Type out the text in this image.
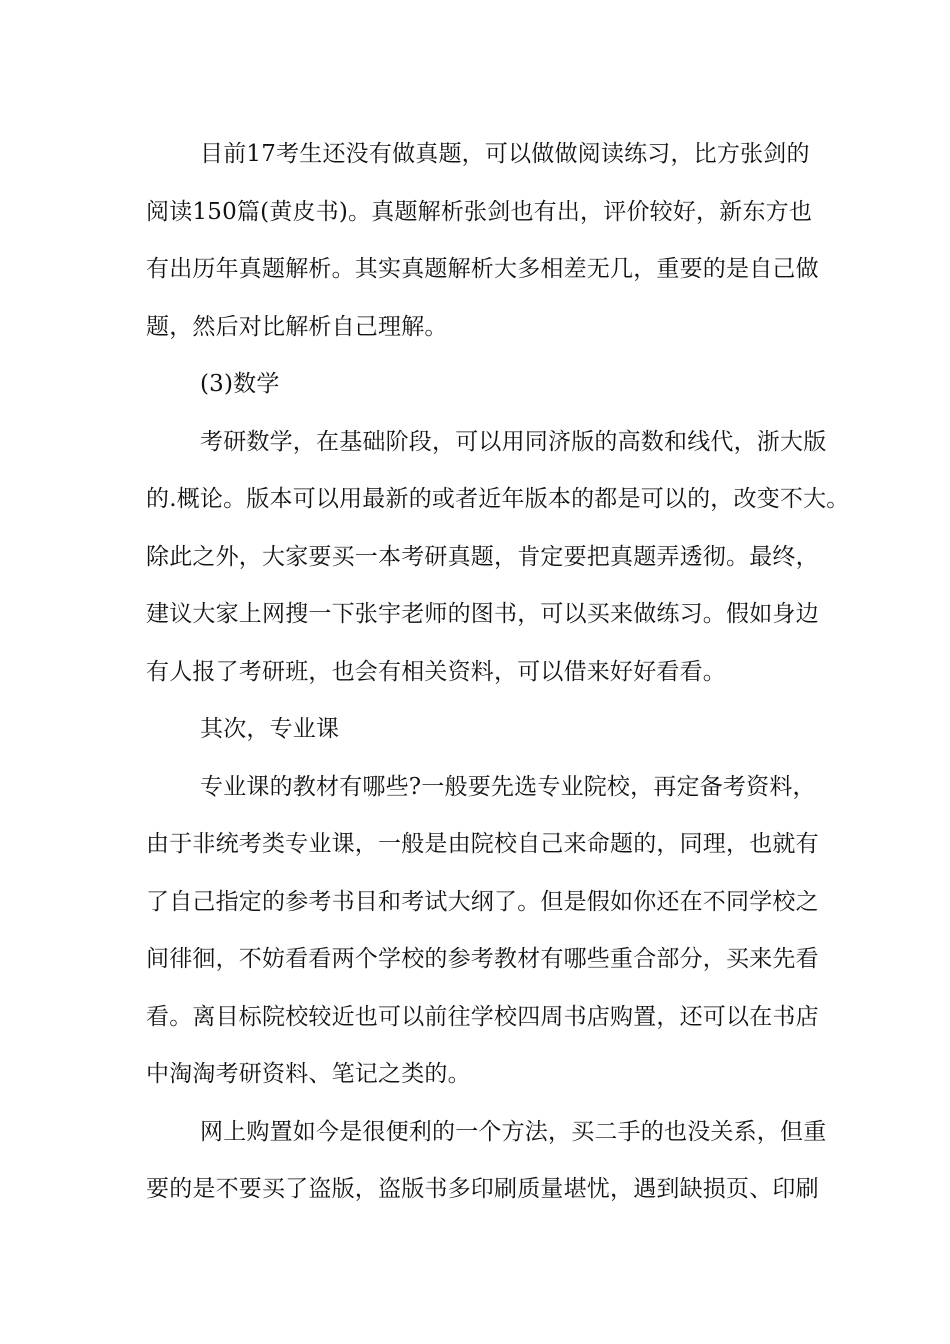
目前17考生还没有做真题，可以做做阅读练习，比方张剑的
阅读150篇(黄皮书)。真题解析张剑也有出，评价较好，新东方也
有出历年真题解析。其实真题解析大多相差无几，重要的是自己做
题，然后对比解析自己理解。
(3)数学
考研数学，在基础阶段，可以用同济版的高数和线代，浙大版
的.概论。版本可以用最新的或者近年版本的都是可以的，改变不大。
除此之外，大家要买一本考研真题，肯定要把真题弄透彻。最终，
建议大家上网搜一下张宇老师的图书，可以买来做练习。假如身边
有人报了考研班，也会有相关资料，可以借来好好看看。
其次，专业课
专业课的教材有哪些?一般要先选专业院校，再定备考资料，
由于非统考类专业课，一般是由院校自己来命题的，同理，也就有
了自己指定的参考书目和考试大纲了。但是假如你还在不同学校之
间徘徊，不妨看看两个学校的参考教材有哪些重合部分，买来先看
看。离目标院校较近也可以前往学校四周书店购置，还可以在书店
中淘淘考研资料、笔记之类的。
网上购置如今是很便利的一个方法，买二手的也没关系，但重
要的是不要买了盗版，盗版书多印刷质量堪忧，遇到缺损页、印刷
